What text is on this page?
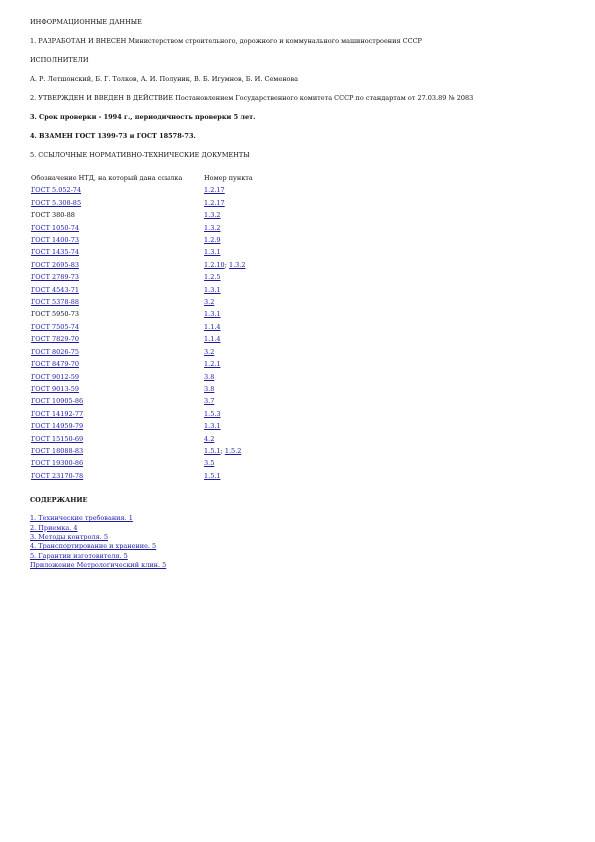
ИНФОРМАЦИОННЫЕ ДАННЫЕ

1. РАЗРАБОТАН И ВНЕСЕН Министерством строительного, дорожного и коммунального машиностроения СССР

ИСПОЛНИТЕЛИ

А. Р. Летшонский, Б. Г. Толков, А. И. Полуник, В. Б. Игумнов, Б. И. Семенова

2. УТВЕРЖДЕН И ВВЕДЕН В ДЕЙСТВИЕ Постановлением Государственного комитета СССР по стандартам от 27.03.89 № 2083

3. Срок проверки - 1994 г., периодичность проверки 5 лет.

4. ВЗАМЕН ГОСТ 1399-73 и ГОСТ 18578-73.

5. ССЫЛОЧНЫЕ НОРМАТИВНО-ТЕХНИЧЕСКИЕ ДОКУМЕНТЫ

Обозначение НТД, на который дана ссылка	Номер пункта
ГОСТ 5.052-74	1.2.17
ГОСТ 5.308-85	1.2.17
ГОСТ 380-88	1.3.2
ГОСТ 1050-74	1.3.2
ГОСТ 1400-73	1.2.9
ГОСТ 1435-74	1.3.1
ГОСТ 2695-83	1.2.10; 1.3.2
ГОСТ 2789-73	1.2.5
ГОСТ 4543-71	1.3.1
ГОСТ 5378-88	3.2
ГОСТ 5950-73	1.3.1
ГОСТ 7505-74	1.1.4
ГОСТ 7829-70	1.1.4
ГОСТ 8026-75	3.2
ГОСТ 8479-70	1.2.1
ГОСТ 9012-59	3.8
ГОСТ 9013-59	3.8
ГОСТ 10905-86	3.7
ГОСТ 14192-77	1.5.3
ГОСТ 14959-79	1.3.1
ГОСТ 15150-69	4.2
ГОСТ 18088-83	1.5.1; 1.5.2
ГОСТ 19300-86	3.5
ГОСТ 23170-78	1.5.1
СОДЕРЖАНИЕ
1. Технические требования. 1
2. Приемка. 4
3. Методы контроля. 5
4. Транспортирование и хранение. 5
5. Гарантии изготовителя. 5
Приложение Метрологический клин. 5
